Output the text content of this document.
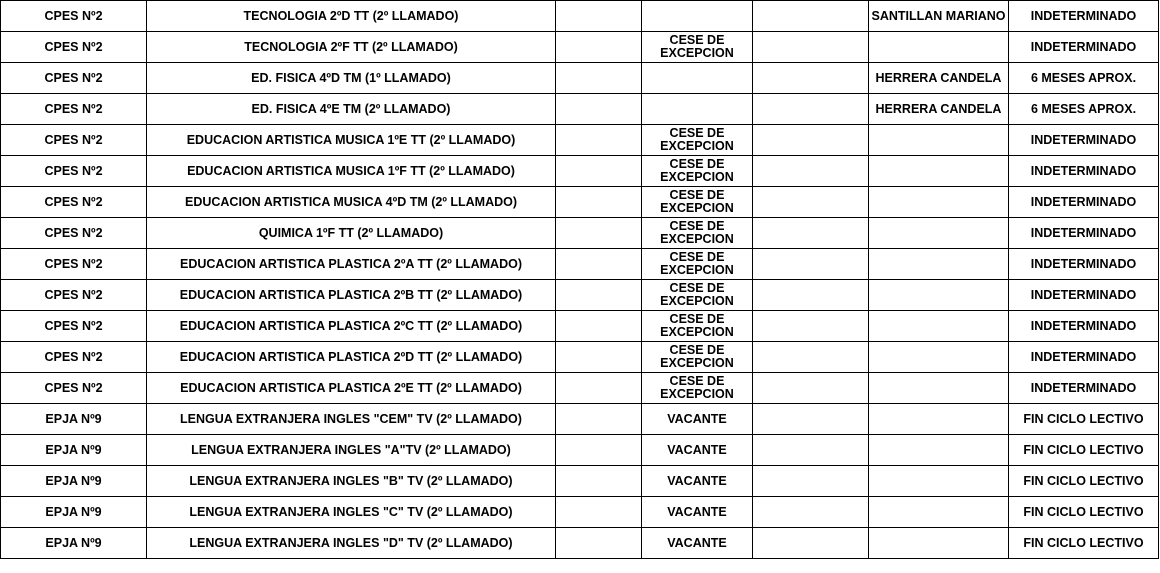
CPES Nº2	TECNOLOGIA 2ºD TT (2º LLAMADO)				SANTILLAN MARIANO	INDETERMINADO
CPES Nº2	TECNOLOGIA 2ºF TT (2º LLAMADO)		CESE DE EXCEPCION			INDETERMINADO
CPES Nº2	ED. FISICA 4ºD TM (1º LLAMADO)				HERRERA CANDELA	6 MESES APROX.
CPES Nº2	ED. FISICA 4ºE TM (2º LLAMADO)				HERRERA CANDELA	6 MESES APROX.
CPES Nº2	EDUCACION ARTISTICA MUSICA 1ºE TT (2º LLAMADO)		CESE DE EXCEPCION			INDETERMINADO
CPES Nº2	EDUCACION ARTISTICA MUSICA 1ºF TT (2º LLAMADO)		CESE DE EXCEPCION			INDETERMINADO
CPES Nº2	EDUCACION ARTISTICA MUSICA 4ºD TM (2º LLAMADO)		CESE DE EXCEPCION			INDETERMINADO
CPES Nº2	QUIMICA 1ºF TT (2º LLAMADO)		CESE DE EXCEPCION			INDETERMINADO
CPES Nº2	EDUCACION ARTISTICA PLASTICA 2ºA TT (2º LLAMADO)		CESE DE EXCEPCION			INDETERMINADO
CPES Nº2	EDUCACION ARTISTICA PLASTICA 2ºB TT (2º LLAMADO)		CESE DE EXCEPCION			INDETERMINADO
CPES Nº2	EDUCACION ARTISTICA PLASTICA 2ºC TT (2º LLAMADO)		CESE DE EXCEPCION			INDETERMINADO
CPES Nº2	EDUCACION ARTISTICA PLASTICA 2ºD TT (2º LLAMADO)		CESE DE EXCEPCION			INDETERMINADO
CPES Nº2	EDUCACION ARTISTICA PLASTICA 2ºE TT (2º LLAMADO)		CESE DE EXCEPCION			INDETERMINADO
EPJA Nº9	LENGUA EXTRANJERA INGLES "CEM" TV (2º LLAMADO)		VACANTE			FIN CICLO LECTIVO
EPJA Nº9	LENGUA EXTRANJERA INGLES "A"TV (2º LLAMADO)		VACANTE			FIN CICLO LECTIVO
EPJA Nº9	LENGUA EXTRANJERA INGLES "B" TV (2º LLAMADO)		VACANTE			FIN CICLO LECTIVO
EPJA Nº9	LENGUA EXTRANJERA INGLES "C" TV (2º LLAMADO)		VACANTE			FIN CICLO LECTIVO
EPJA Nº9	LENGUA EXTRANJERA INGLES "D" TV (2º LLAMADO)		VACANTE			FIN CICLO LECTIVO
